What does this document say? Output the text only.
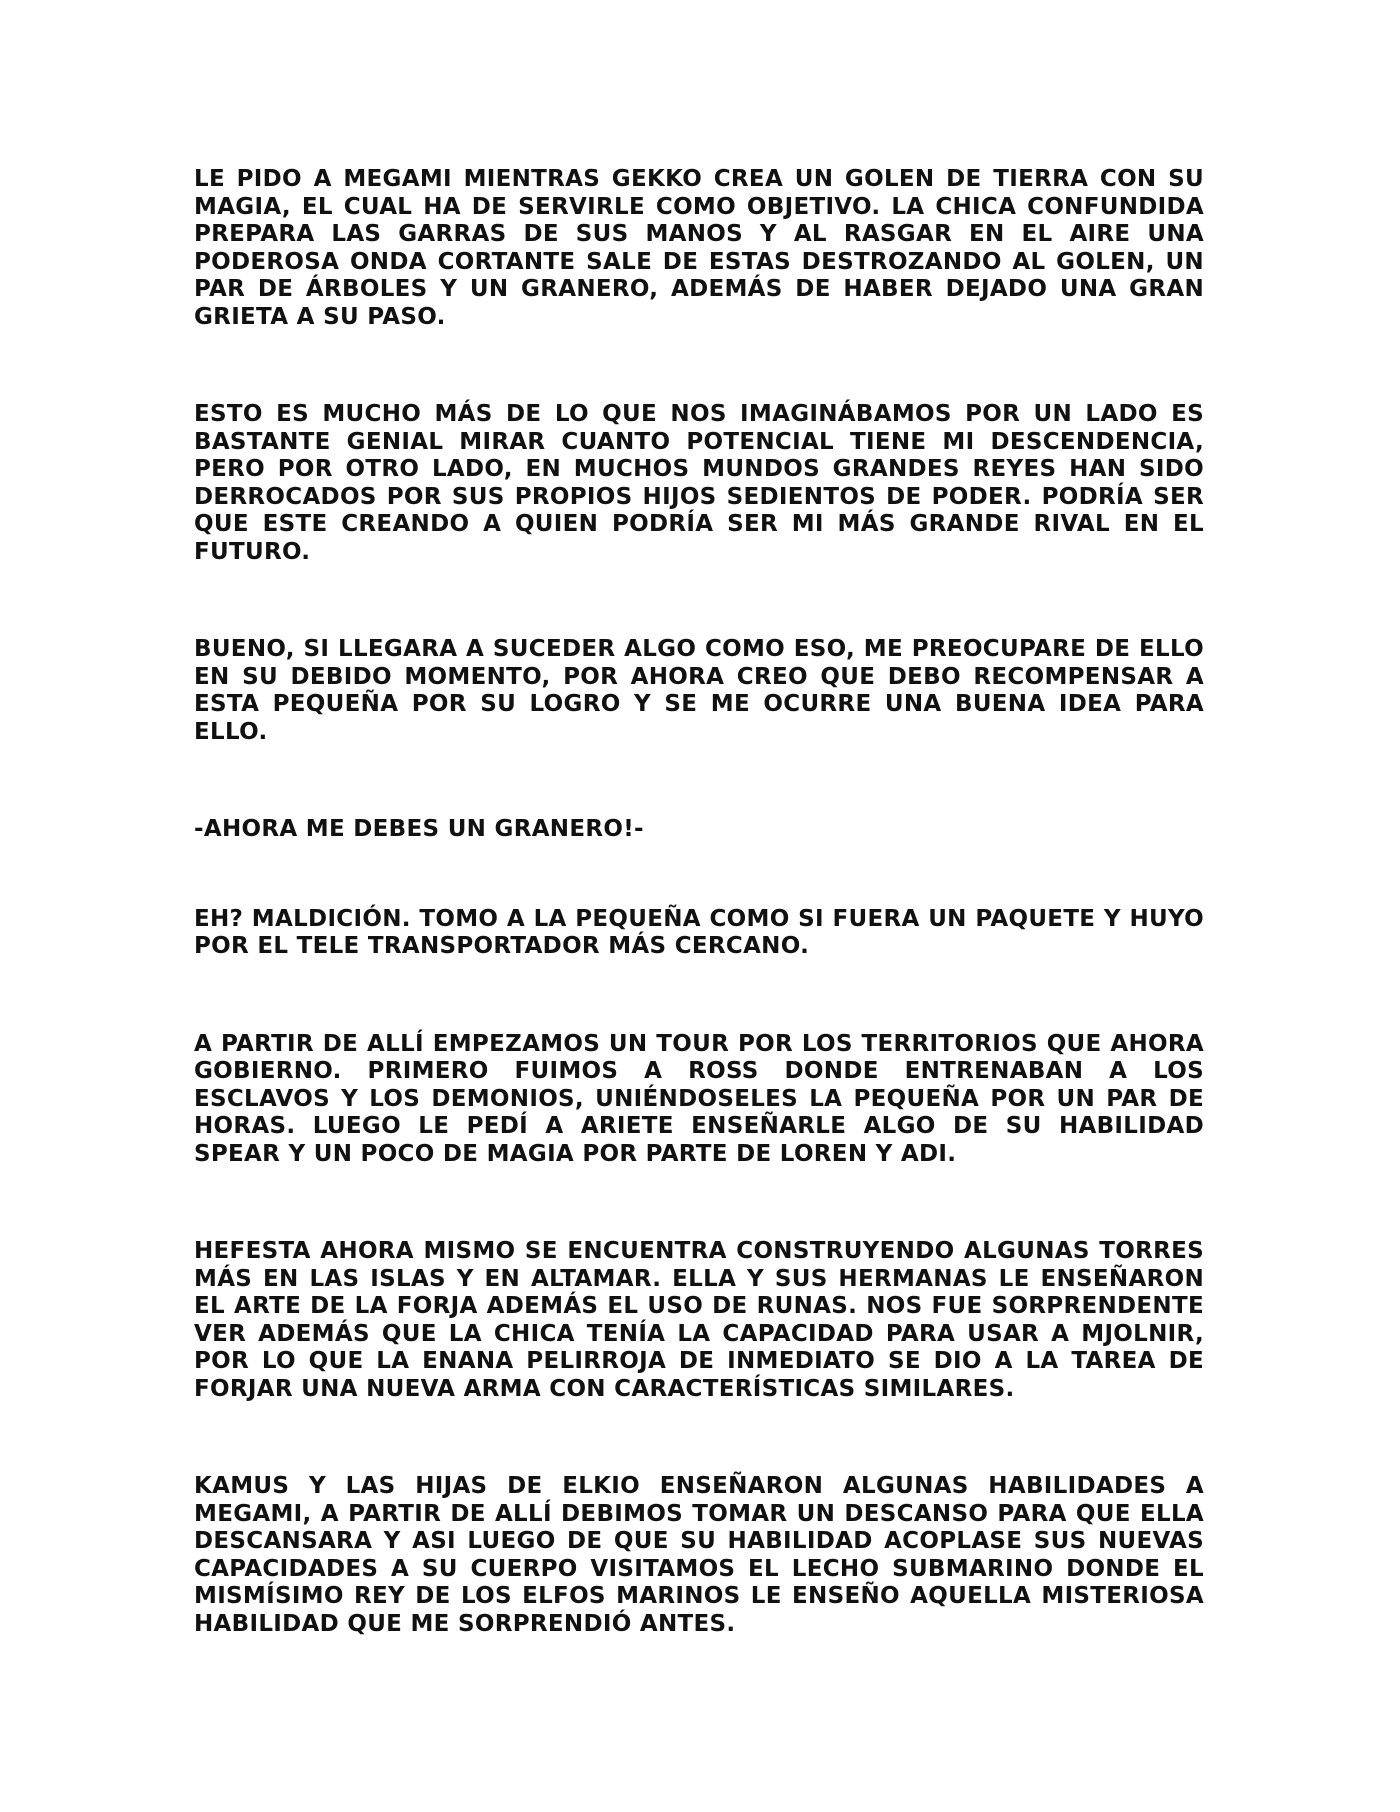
LE PIDO A MEGAMI MIENTRAS GEKKO CREA UN GOLEN DE TIERRA CON SU MAGIA, EL CUAL HA DE SERVIRLE COMO OBJETIVO. LA CHICA CONFUNDIDA PREPARA LAS GARRAS DE SUS MANOS Y AL RASGAR EN EL AIRE UNA PODEROSA ONDA CORTANTE SALE DE ESTAS DESTROZANDO AL GOLEN, UN PAR DE ÁRBOLES Y UN GRANERO, ADEMÁS DE HABER DEJADO UNA GRAN GRIETA A SU PASO.

ESTO ES MUCHO MÁS DE LO QUE NOS IMAGINÁBAMOS POR UN LADO ES BASTANTE GENIAL MIRAR CUANTO POTENCIAL TIENE MI DESCENDENCIA, PERO POR OTRO LADO, EN MUCHOS MUNDOS GRANDES REYES HAN SIDO DERROCADOS POR SUS PROPIOS HIJOS SEDIENTOS DE PODER. PODRÍA SER QUE ESTE CREANDO A QUIEN PODRÍA SER MI MÁS GRANDE RIVAL EN EL FUTURO.

BUENO, SI LLEGARA A SUCEDER ALGO COMO ESO, ME PREOCUPARE DE ELLO EN SU DEBIDO MOMENTO, POR AHORA CREO QUE DEBO RECOMPENSAR A ESTA PEQUEÑA POR SU LOGRO Y SE ME OCURRE UNA BUENA IDEA PARA ELLO.

-AHORA ME DEBES UN GRANERO!-

EH? MALDICIÓN. TOMO A LA PEQUEÑA COMO SI FUERA UN PAQUETE Y HUYO POR EL TELE TRANSPORTADOR MÁS CERCANO.

A PARTIR DE ALLÍ EMPEZAMOS UN TOUR POR LOS TERRITORIOS QUE AHORA GOBIERNO. PRIMERO FUIMOS A ROSS DONDE ENTRENABAN A LOS ESCLAVOS Y LOS DEMONIOS, UNIÉNDOSELES LA PEQUEÑA POR UN PAR DE HORAS. LUEGO LE PEDÍ A ARIETE ENSEÑARLE ALGO DE SU HABILIDAD SPEAR Y UN POCO DE MAGIA POR PARTE DE LOREN Y ADI.

HEFESTA AHORA MISMO SE ENCUENTRA CONSTRUYENDO ALGUNAS TORRES MÁS EN LAS ISLAS Y EN ALTAMAR. ELLA Y SUS HERMANAS LE ENSEÑARON EL ARTE DE LA FORJA ADEMÁS EL USO DE RUNAS. NOS FUE SORPRENDENTE VER ADEMÁS QUE LA CHICA TENÍA LA CAPACIDAD PARA USAR A MJOLNIR, POR LO QUE LA ENANA PELIRROJA DE INMEDIATO SE DIO A LA TAREA DE FORJAR UNA NUEVA ARMA CON CARACTERÍSTICAS SIMILARES.

KAMUS Y LAS HIJAS DE ELKIO ENSEÑARON ALGUNAS HABILIDADES A MEGAMI, A PARTIR DE ALLÍ DEBIMOS TOMAR UN DESCANSO PARA QUE ELLA DESCANSARA Y ASI LUEGO DE QUE SU HABILIDAD ACOPLASE SUS NUEVAS CAPACIDADES A SU CUERPO VISITAMOS EL LECHO SUBMARINO DONDE EL MISMÍSIMO REY DE LOS ELFOS MARINOS LE ENSEÑO AQUELLA MISTERIOSA HABILIDAD QUE ME SORPRENDIÓ ANTES.
